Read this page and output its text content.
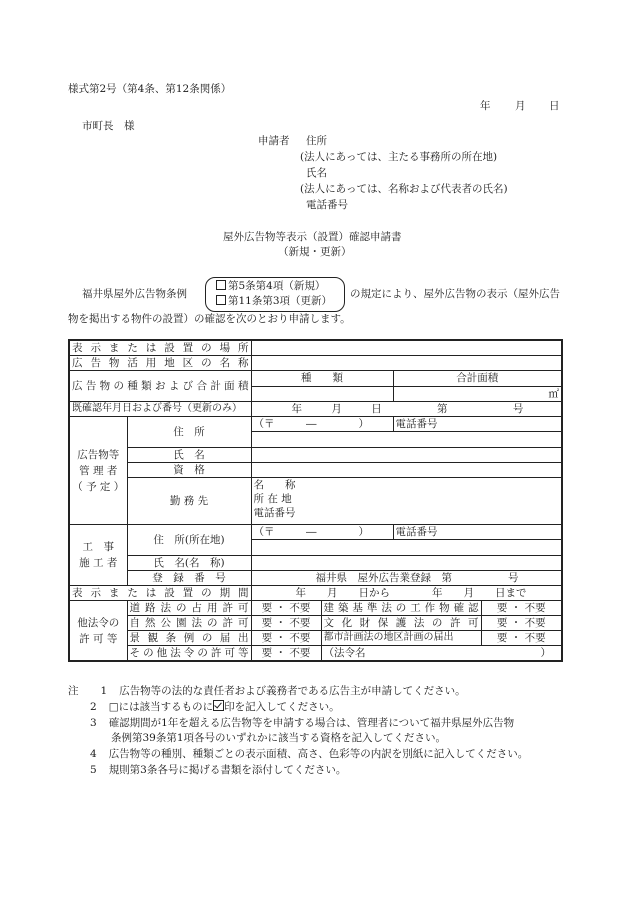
様式第2号（第4条、第12条関係）
年 月 日
市町長　様
申請者 住所
(法人にあっては、主たる事務所の所在地)
氏名
(法人にあっては、名称および代表者の氏名)
電話番号
屋外広告物等表示（設置）確認申請書
（新規・更新）
福井県屋外広告物条例
第5条第4項（新規）
第11条第3項（更新）
の規定により、屋外広告物の表示（屋外広告
物を掲出する物件の設置）の確認を次のとおり申請します。
表示または設置の場所					

広告物活用地区の名称					

広告物の種類および合計面積		種　　類		合計面積	
				㎡	
既確認年月日および番号（更新のみ）		年 月 日 第 号			

広告物等
管 理 者
（ 予 定 ）	住　所	（〒　　　―　　　　）		電話番号	

	氏　名				
	資　格				
	勤 務 先	名　　称			
		所 在 地			
		電話番号			

工　事
施 工 者	住　所(所在地)	（〒　　　―　　　　）		電話番号	

	氏　名(名　称)				
	登　録　番　号	福井県　屋外広告業登録　第 号			

表示または設置の期間		年　　月　　日から　　　　年　　月　　日まで			

他法令の
許 可 等	道路法の占用許可	要 ・ 不要	建築基準法の工作物確認		要 ・ 不要

	自然公園法の許可	要 ・ 不要	文化財保護法の許可		要 ・ 不要

	景観条例の届出	要 ・ 不要	都市計画法の地区計画の届出		要 ・ 不要

	その他法令の許可等	要 ・ 不要	（法令名 ）		
注 1 広告物等の法的な責任者および義務者である広告主が申請してください。
2 □には該当するものに 印を記入してください。
3 確認期間が1年を超える広告物等を申請する場合は、管理者について福井県屋外広告物
条例第39条第1項各号のいずれかに該当する資格を記入してください。
4 広告物等の種別、種類ごとの表示面積、高さ、色彩等の内訳を別紙に記入してください。
5 規則第3条各号に掲げる書類を添付してください。
